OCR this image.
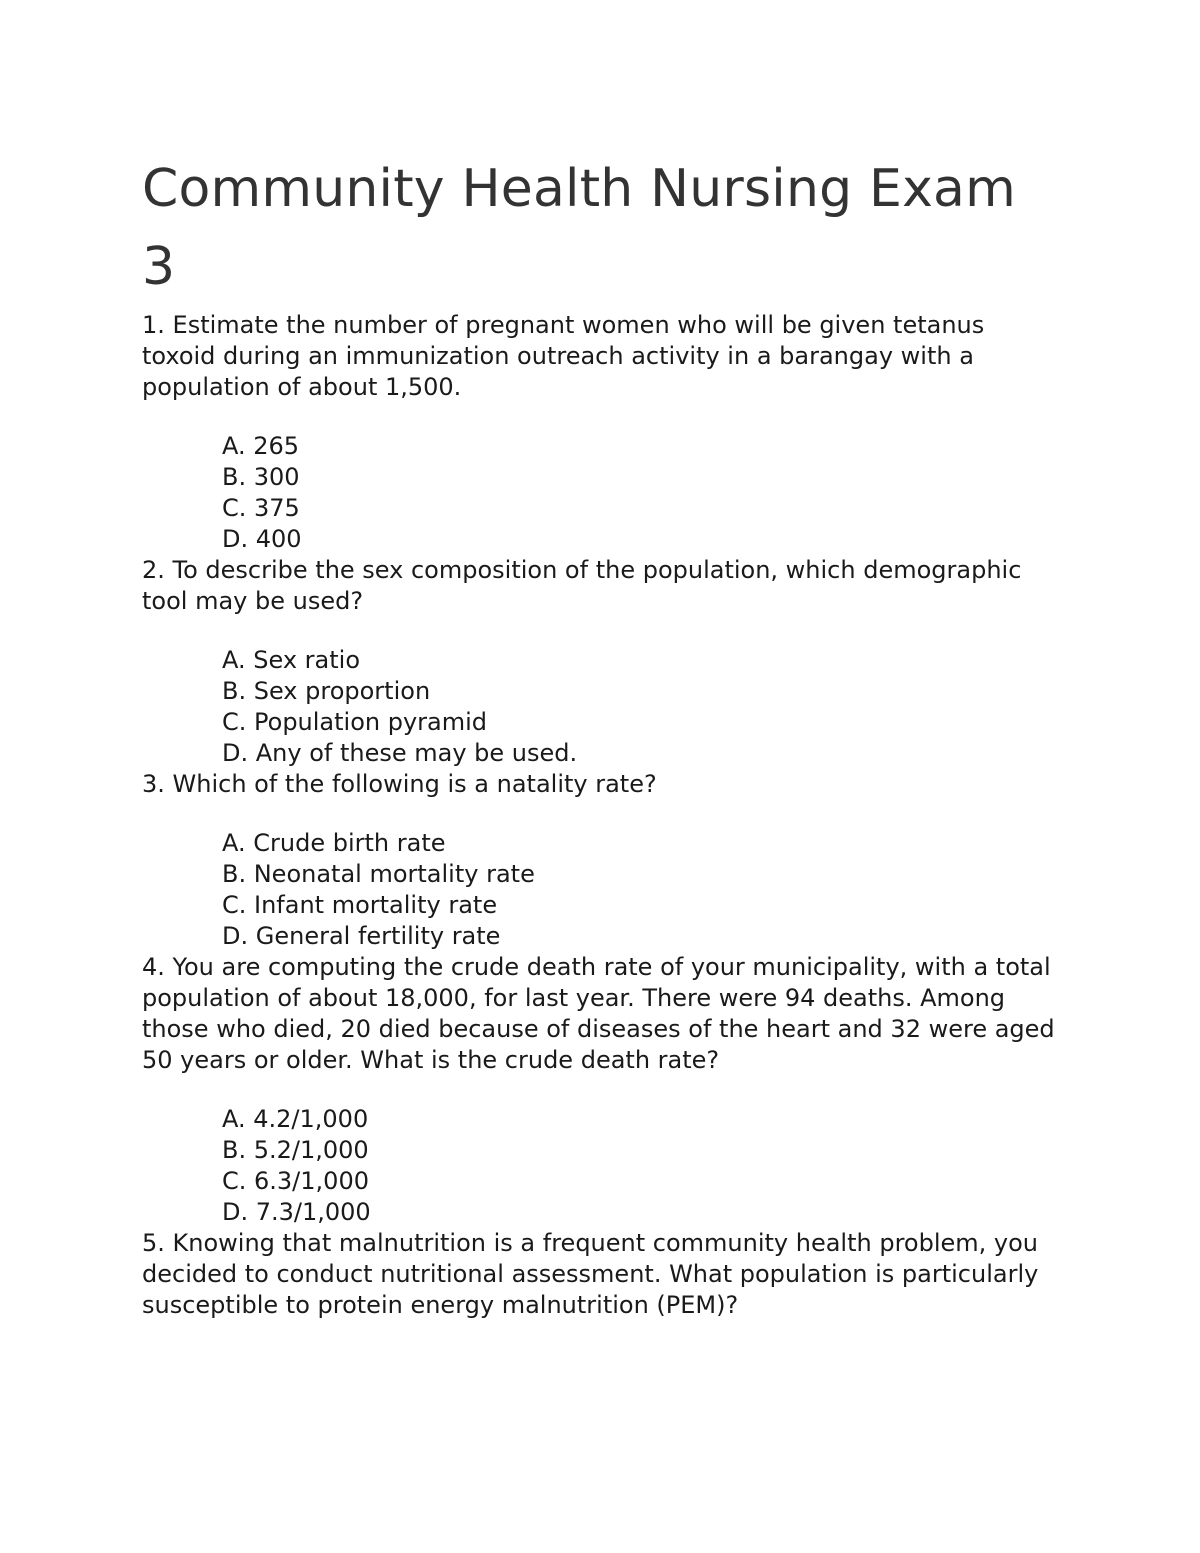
Community Health Nursing Exam 3

1. Estimate the number of pregnant women who will be given tetanus toxoid during an immunization outreach activity in a barangay with a population of about 1,500.

A. 265
B. 300
C. 375
D. 400

2. To describe the sex composition of the population, which demographic tool may be used?

A. Sex ratio
B. Sex proportion
C. Population pyramid
D. Any of these may be used.

3. Which of the following is a natality rate?

A. Crude birth rate
B. Neonatal mortality rate
C. Infant mortality rate
D. General fertility rate

4. You are computing the crude death rate of your municipality, with a total population of about 18,000, for last year. There were 94 deaths. Among those who died, 20 died because of diseases of the heart and 32 were aged 50 years or older. What is the crude death rate?

A. 4.2/1,000
B. 5.2/1,000
C. 6.3/1,000
D. 7.3/1,000

5. Knowing that malnutrition is a frequent community health problem, you decided to conduct nutritional assessment. What population is particularly susceptible to protein energy malnutrition (PEM)?
